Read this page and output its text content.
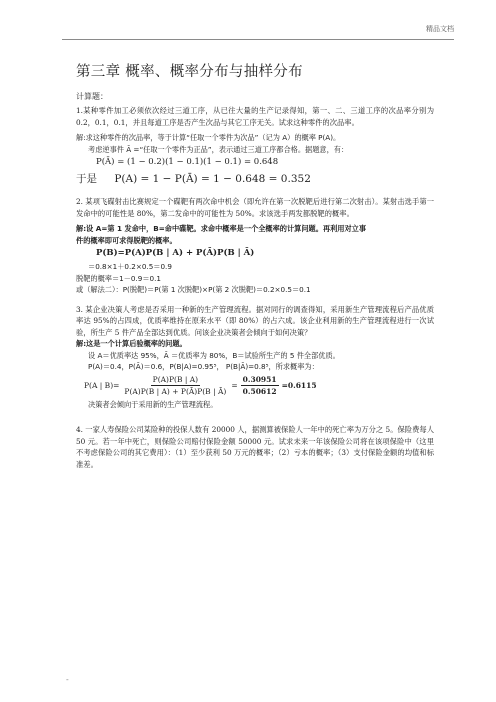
精品文档
第三章 概率、概率分布与抽样分布
计算题：

1.某种零件加工必须依次经过三道工序，从已往大量的生产记录得知，第一、二、三道工序的次品率分别为0.2，0.1，0.1，并且每道工序是否产生次品与其它工序无关。试求这种零件的次品率。

解:求这种零件的次品率，等于计算“任取一个零件为次品”（记为 A）的概率 P(A)。
考虑逆事件 Ā =“任取一个零件为正品”，表示通过三道工序都合格。据题意，有：
P(Ā) = (1 − 0.2)(1 − 0.1)(1 − 0.1) = 0.648
于是 P(A) = 1 − P(Ā) = 1 − 0.648 = 0.352

2. 某项飞碟射击比赛规定一个碟靶有两次命中机会（即允许在第一次脱靶后进行第二次射击）。某射击选手第一发命中的可能性是 80%，第二发命中的可能性为 50%。求该选手两发都脱靶的概率。

解:设 A=第 1 发命中，B=命中碟靶。求命中概率是一个全概率的计算问题。再利用对立事
件的概率即可求得脱靶的概率。
P(B)=P(A)P(B | A) + P(Ā)P(B | Ā)
＝0.8×1＋0.2×0.5＝0.9
脱靶的概率＝1－0.9＝0.1
或（解法二）：P(脱靶)＝P(第 1 次脱靶)×P(第 2 次脱靶)＝0.2×0.5＝0.1

3. 某企业决策人考虑是否采用一种新的生产管理流程。据对同行的调查得知，采用新生产管理流程后产品优质率达 95%的占四成，优质率维持在原来水平（即 80%）的占六成。该企业利用新的生产管理流程进行一次试验，所生产 5 件产品全部达到优质。问该企业决策者会倾向于如何决策？

解:这是一个计算后验概率的问题。
设 A＝优质率达 95%，Ā ＝优质率为 80%，B＝试验所生产的 5 件全部优质。
P(A)＝0.4，P(Ā)＝0.6，P(B|A)=0.95⁵， P(B|Ā)=0.8⁵，所求概率为：
P(A | $B)= \frac{P(A)P(B | A)}{P(A)P(B | A) + P(Ā)P(B | Ā)} = \frac{0.30951}{0.50612} =0.6115$
决策者会倾向于采用新的生产管理流程。

4. 一家人寿保险公司某险种的投保人数有 20000 人，据测算被保险人一年中的死亡率为万分之 5。保险费每人 50 元。若一年中死亡，则保险公司赔付保险金额 50000 元。试求未来一年该保险公司将在该项保险中（这里不考虑保险公司的其它费用）：（1）至少获利 50 万元的概率；（2）亏本的概率；（3）支付保险金额的均值和标准差。

-
